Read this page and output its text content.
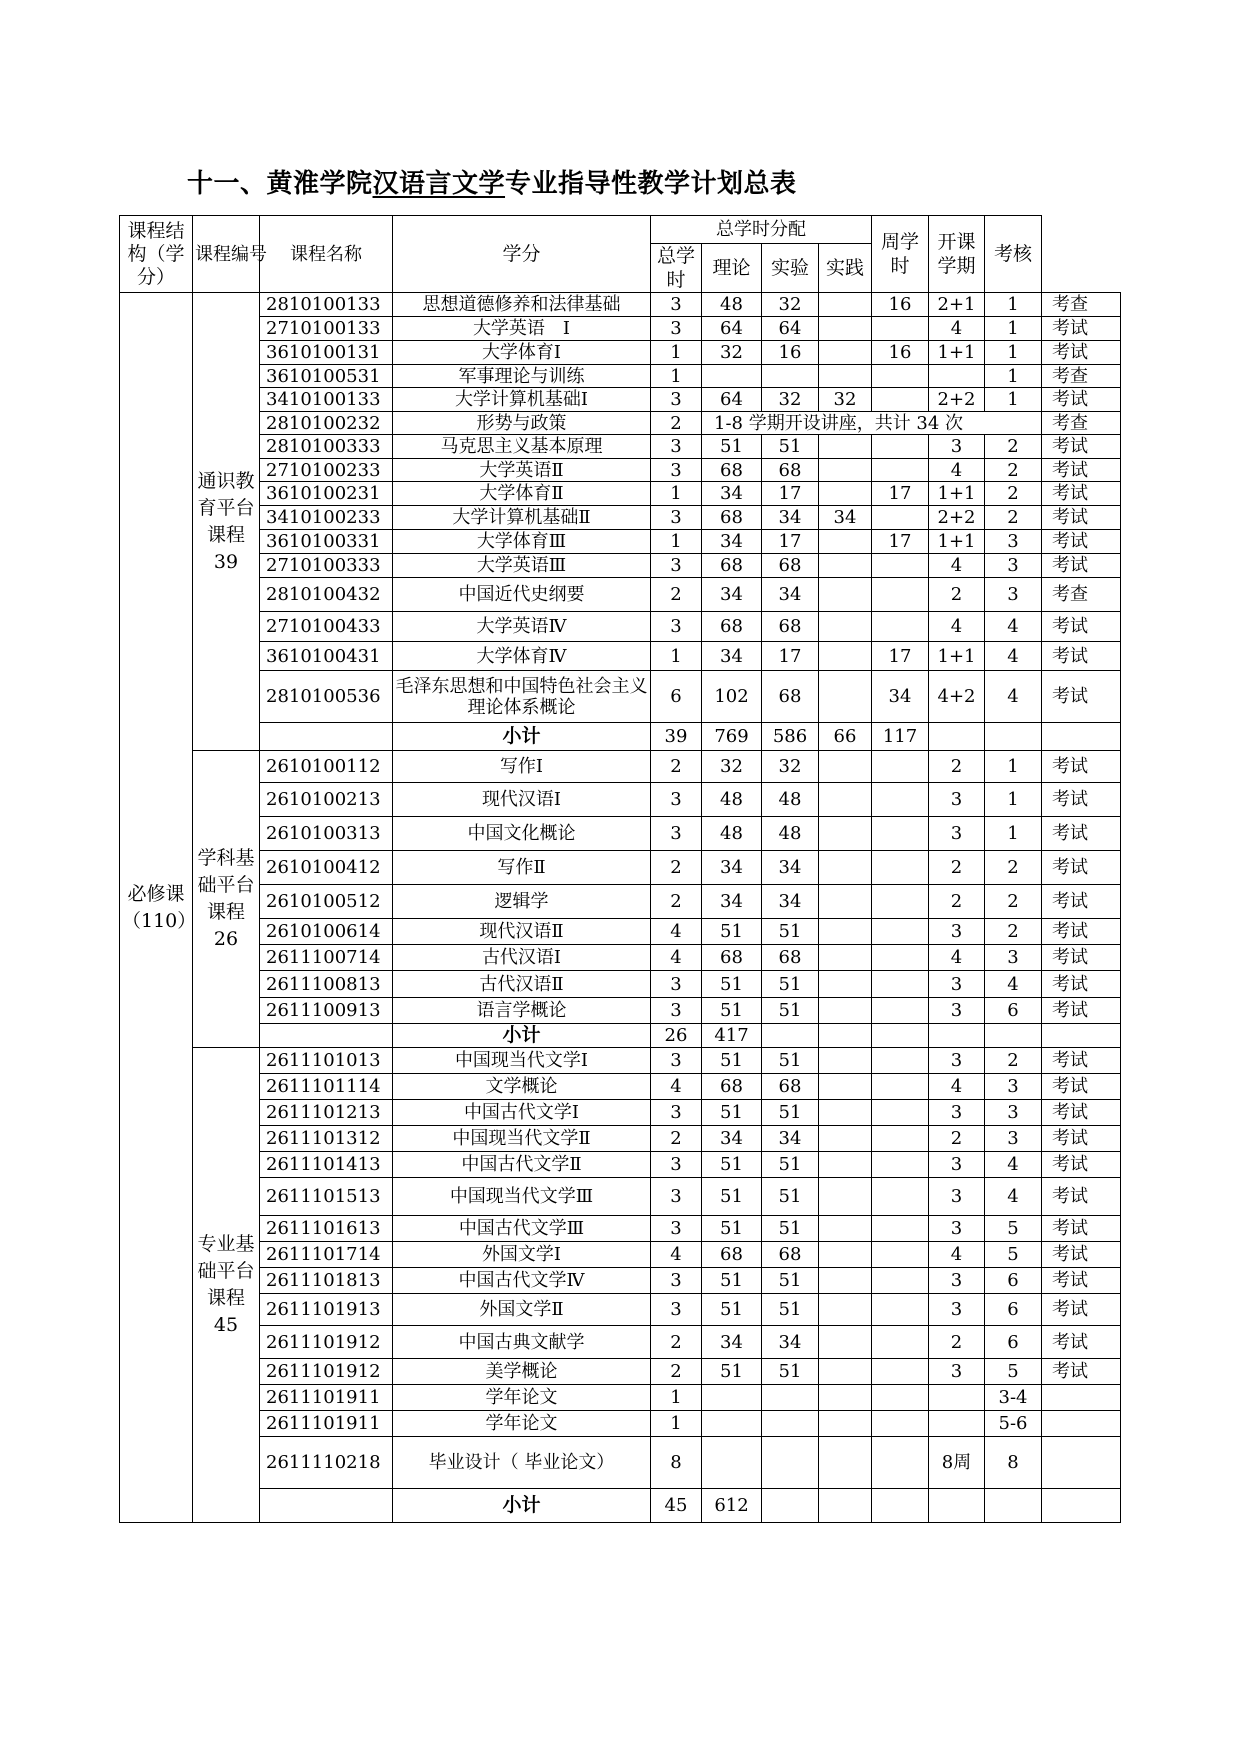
十一、黄淮学院汉语言文学专业指导性教学计划总表
课程结构（学分）	课程编号	课程名称	学分	总学时分配				周学时	开课学期	考核	
				总学时	理论	实验	实践				
必修课（110）	通识教育平台课程39	2810100133	思想道德修养和法律基础	3	48	32		16	2+1	1	考查
		2710100133	大学英语　Ⅰ	3	64	64			4	1	考试
		3610100131	大学体育Ⅰ	1	32	16		16	1+1	1	考试
		3610100531	军事理论与训练	1						1	考查
		3410100133	大学计算机基础Ⅰ	3	64	32	32		2+2	1	考试
		2810100232	形势与政策	2	1-8 学期开设讲座，共计 34 次						考查
		2810100333	马克思主义基本原理	3	51	51			3	2	考试
		2710100233	大学英语Ⅱ	3	68	68			4	2	考试
		3610100231	大学体育Ⅱ	1	34	17		17	1+1	2	考试
		3410100233	大学计算机基础Ⅱ	3	68	34	34		2+2	2	考试
		3610100331	大学体育Ⅲ	1	34	17		17	1+1	3	考试
		2710100333	大学英语Ⅲ	3	68	68			4	3	考试
		2810100432	中国近代史纲要	2	34	34			2	3	考查
		2710100433	大学英语Ⅳ	3	68	68			4	4	考试
		3610100431	大学体育Ⅳ	1	34	17		17	1+1	4	考试
		2810100536	毛泽东思想和中国特色社会主义理论体系概论	6	102	68		34	4+2	4	考试
			小计	39	769	586	66	117			
	学科基础平台课程26	2610100112	写作Ⅰ	2	32	32			2	1	考试
		2610100213	现代汉语Ⅰ	3	48	48			3	1	考试
		2610100313	中国文化概论	3	48	48			3	1	考试
		2610100412	写作Ⅱ	2	34	34			2	2	考试
		2610100512	逻辑学	2	34	34			2	2	考试
		2610100614	现代汉语Ⅱ	4	51	51			3	2	考试
		2611100714	古代汉语Ⅰ	4	68	68			4	3	考试
		2611100813	古代汉语Ⅱ	3	51	51			3	4	考试
		2611100913	语言学概论	3	51	51			3	6	考试
			小计	26	417						
	专业基础平台课程45	2611101013	中国现当代文学Ⅰ	3	51	51			3	2	考试
		2611101114	文学概论	4	68	68			4	3	考试
		2611101213	中国古代文学Ⅰ	3	51	51			3	3	考试
		2611101312	中国现当代文学Ⅱ	2	34	34			2	3	考试
		2611101413	中国古代文学Ⅱ	3	51	51			3	4	考试
		2611101513	中国现当代文学Ⅲ	3	51	51			3	4	考试
		2611101613	中国古代文学Ⅲ	3	51	51			3	5	考试
		2611101714	外国文学Ⅰ	4	68	68			4	5	考试
		2611101813	中国古代文学Ⅳ	3	51	51			3	6	考试
		2611101913	外国文学Ⅱ	3	51	51			3	6	考试
		2611101912	中国古典文献学	2	34	34			2	6	考试
		2611101912	美学概论	2	51	51			3	5	考试
		2611101911	学年论文	1						3-4	
		2611101911	学年论文	1						5-6	
		2611110218	毕业设计（ 毕业论文）	8					8周	8	
			小计	45	612						
